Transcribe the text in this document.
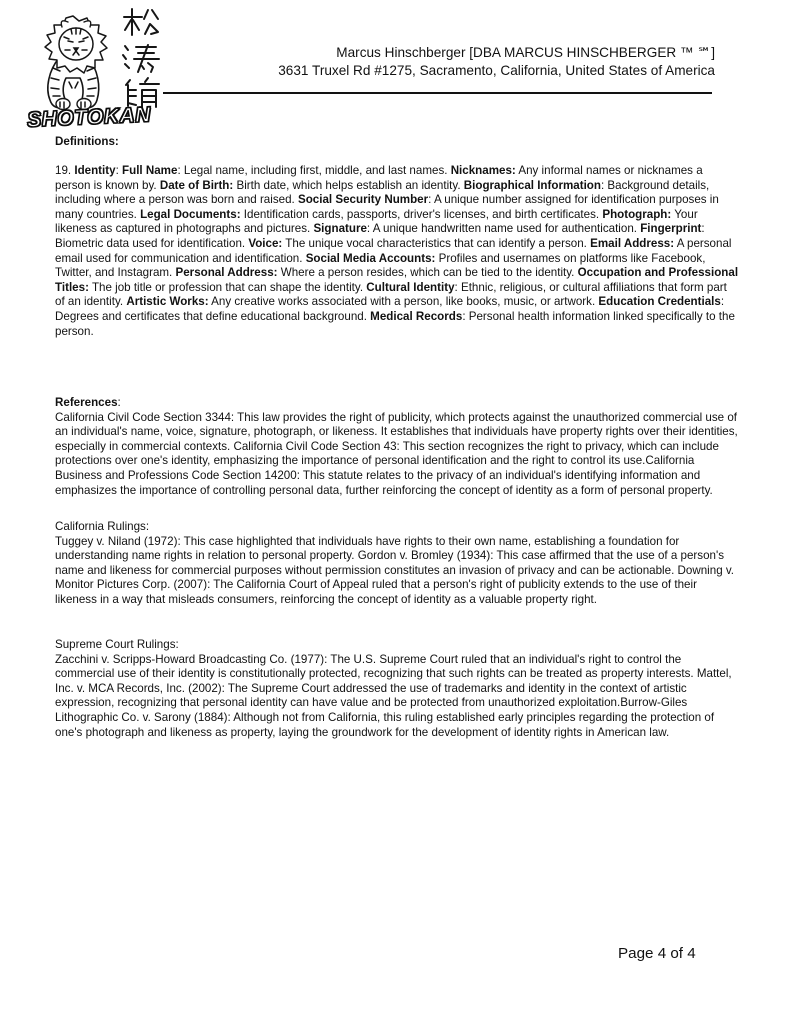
SHOTOKAN
Marcus Hinschberger [DBA MARCUS HINSCHBERGER ™ ℠]
3631 Truxel Rd #1275, Sacramento, California, United States of America
Definitions:
19. Identity: Full Name: Legal name, including first, middle, and last names. Nicknames: Any informal names or nicknames a person is known by. Date of Birth: Birth date, which helps establish an identity. Biographical Information: Background details, including where a person was born and raised. Social Security Number: A unique number assigned for identification purposes in many countries. Legal Documents: Identification cards, passports, driver's licenses, and birth certificates. Photograph: Your likeness as captured in photographs and pictures. Signature: A unique handwritten name used for authentication. Fingerprint: Biometric data used for identification. Voice: The unique vocal characteristics that can identify a person. Email Address: A personal email used for communication and identification. Social Media Accounts: Profiles and usernames on platforms like Facebook, Twitter, and Instagram. Personal Address: Where a person resides, which can be tied to the identity. Occupation and Professional Titles: The job title or profession that can shape the identity. Cultural Identity: Ethnic, religious, or cultural affiliations that form part of an identity. Artistic Works: Any creative works associated with a person, like books, music, or artwork. Education Credentials: Degrees and certificates that define educational background. Medical Records: Personal health information linked specifically to the person.
References:
California Civil Code Section 3344: This law provides the right of publicity, which protects against the unauthorized commercial use of an individual's name, voice, signature, photograph, or likeness. It establishes that individuals have property rights over their identities, especially in commercial contexts. California Civil Code Section 43: This section recognizes the right to privacy, which can include protections over one's identity, emphasizing the importance of personal identification and the right to control its use.California Business and Professions Code Section 14200: This statute relates to the privacy of an individual's identifying information and emphasizes the importance of controlling personal data, further reinforcing the concept of identity as a form of personal property.
California Rulings:
Tuggey v. Niland (1972): This case highlighted that individuals have rights to their own name, establishing a foundation for understanding name rights in relation to personal property. Gordon v. Bromley (1934): This case affirmed that the use of a person's name and likeness for commercial purposes without permission constitutes an invasion of privacy and can be actionable. Downing v. Monitor Pictures Corp. (2007): The California Court of Appeal ruled that a person's right of publicity extends to the use of their likeness in a way that misleads consumers, reinforcing the concept of identity as a valuable property right.
Supreme Court Rulings:
Zacchini v. Scripps-Howard Broadcasting Co. (1977): The U.S. Supreme Court ruled that an individual's right to control the commercial use of their identity is constitutionally protected, recognizing that such rights can be treated as property interests. Mattel, Inc. v. MCA Records, Inc. (2002): The Supreme Court addressed the use of trademarks and identity in the context of artistic expression, recognizing that personal identity can have value and be protected from unauthorized exploitation.Burrow-Giles Lithographic Co. v. Sarony (1884): Although not from California, this ruling established early principles regarding the protection of one's photograph and likeness as property, laying the groundwork for the development of identity rights in American law.
Page 4 of 4
